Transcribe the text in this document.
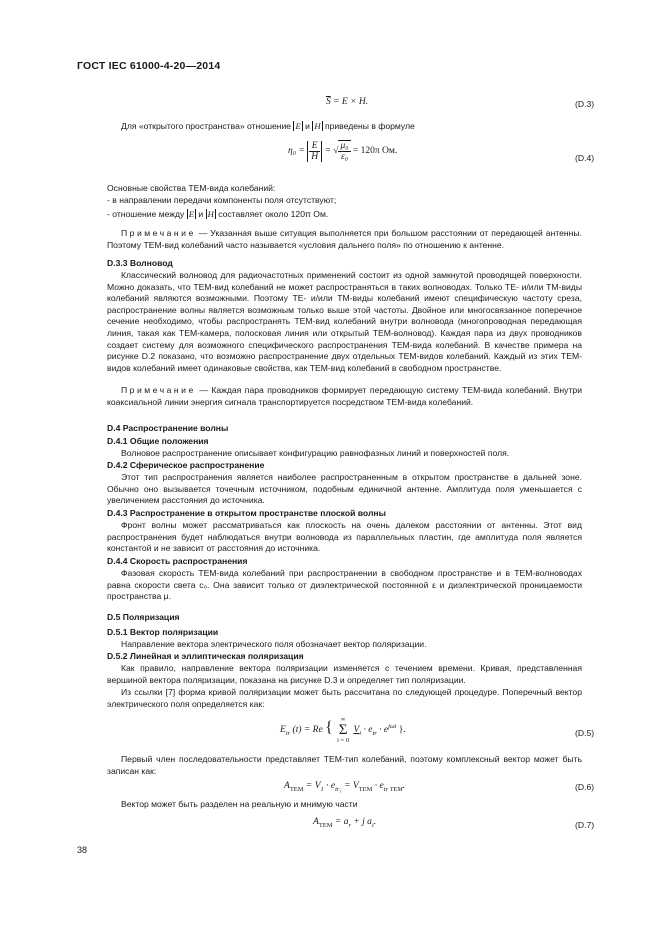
ГОСТ IEC 61000-4-20—2014
$\overline{S} = E \times H$.	(D.3)
Для «открытого пространства» отношение E и H приведены в формуле
$\eta_0 = \frac{E}{H}$ = √ $\frac{\text{μ₀}}{\text{ε₀}} = 120\pi$ Ом.
(D.4)

Основные свойства ТЕМ-вида колебаний:

- в направлении передачи компоненты поля отсутствуют;

- отношение между E и H составляет около 120π Ом.

Примечание — Указанная выше ситуация выполняется при большом расстоянии от передающей антенны. Поэтому ТЕМ-вид колебаний часто называется «условия дальнего поля» по отношению к антенне.

D.3.3 Волновод

Классический волновод для радиочастотных применений состоит из одной замкнутой проводящей поверхности. Можно доказать, что ТЕМ-вид колебаний не может распространяться в таких волноводах. Только ТЕ- и/или ТМ-виды колебаний являются возможными. Поэтому ТЕ- и/или ТМ-виды колебаний имеют специфическую частоту среза, распространение волны является возможным только выше этой частоты. Двойное или многосвязанное поперечное сечение необходимо, чтобы распространять ТЕМ-вид колебаний внутри волновода (многопроводная передающая линия, такая как ТЕМ-камера, полосковая линия или открытый ТЕМ-волновод). Каждая пара из двух проводников создает систему для возможного специфического распространения ТЕМ-вида колебаний. В качестве примера на рисунке D.2 показано, что возможно распространение двух отдельных ТЕМ-видов колебаний. Каждый из этих ТЕМ-видов колебаний имеет одинаковые свойства, как ТЕМ-вид колебаний в свободном пространстве.

Примечание — Каждая пара проводников формирует передающую систему ТЕМ-вида колебаний. Внутри коаксиальной линии энергия сигнала транспортируется посредством ТЕМ-вида колебаний.

D.4 Распространение волны
D.4.1 Общие положения

Волновое распространение описывает конфигурацию равнофазных линий и поверхностей поля.

D.4.2 Сферическое распространение

Этот тип распространения является наиболее распространенным в открытом пространстве в дальней зоне. Обычно оно вызывается точечным источником, подобным единичной антенне. Амплитуда поля уменьшается с увеличением расстояния до источника.

D.4.3 Распространение в открытом пространстве плоской волны

Фронт волны может рассматриваться как плоскость на очень далеком расстоянии от антенны. Этот вид распространения будет наблюдаться внутри волновода из параллельных пластин, где амплитуда поля является константой и не зависит от расстояния до источника.

D.4.4 Скорость распространения

Фазовая скорость ТЕМ-вида колебаний при распространении в свободном пространстве и в ТЕМ-волноводах равна скорости света c₀. Она зависит только от диэлектрической постоянной ε и диэлектрической проницаемости пространства μ.

D.5 Поляризация
D.5.1 Вектор поляризации

Направление вектора электрического поля обозначает вектор поляризации.

D.5.2 Линейная и эллиптическая поляризация

Как правило, направление вектора поляризации изменяется с течением времени. Кривая, представленная вершиной вектора поляризации, показана на рисунке D.3 и определяет тип поляризации.

Из ссылки [7] форма кривой поляризации может быть рассчитана по следующей процедуре. Поперечный вектор электрического поля определяется как:

$E_{tr}$ (t) = Re {	∞
Σ
i = 0
$V_i \cdot e_{tr} \cdot e^{j\omega t}$ }.	(D.5)

Первый член последовательности представляет ТЕМ-тип колебаний, поэтому комплексный вектор может быть записан как:

$A_{TEM} = V_1 \cdot e_{tr_1} = V_{TEM} \cdot e_{tr TEM}$.	(D.6)

Вектор может быть разделен на реальную и мнимую части

$A_{TEM} = a_r + j$ $a_i$.	(D.7)
38
